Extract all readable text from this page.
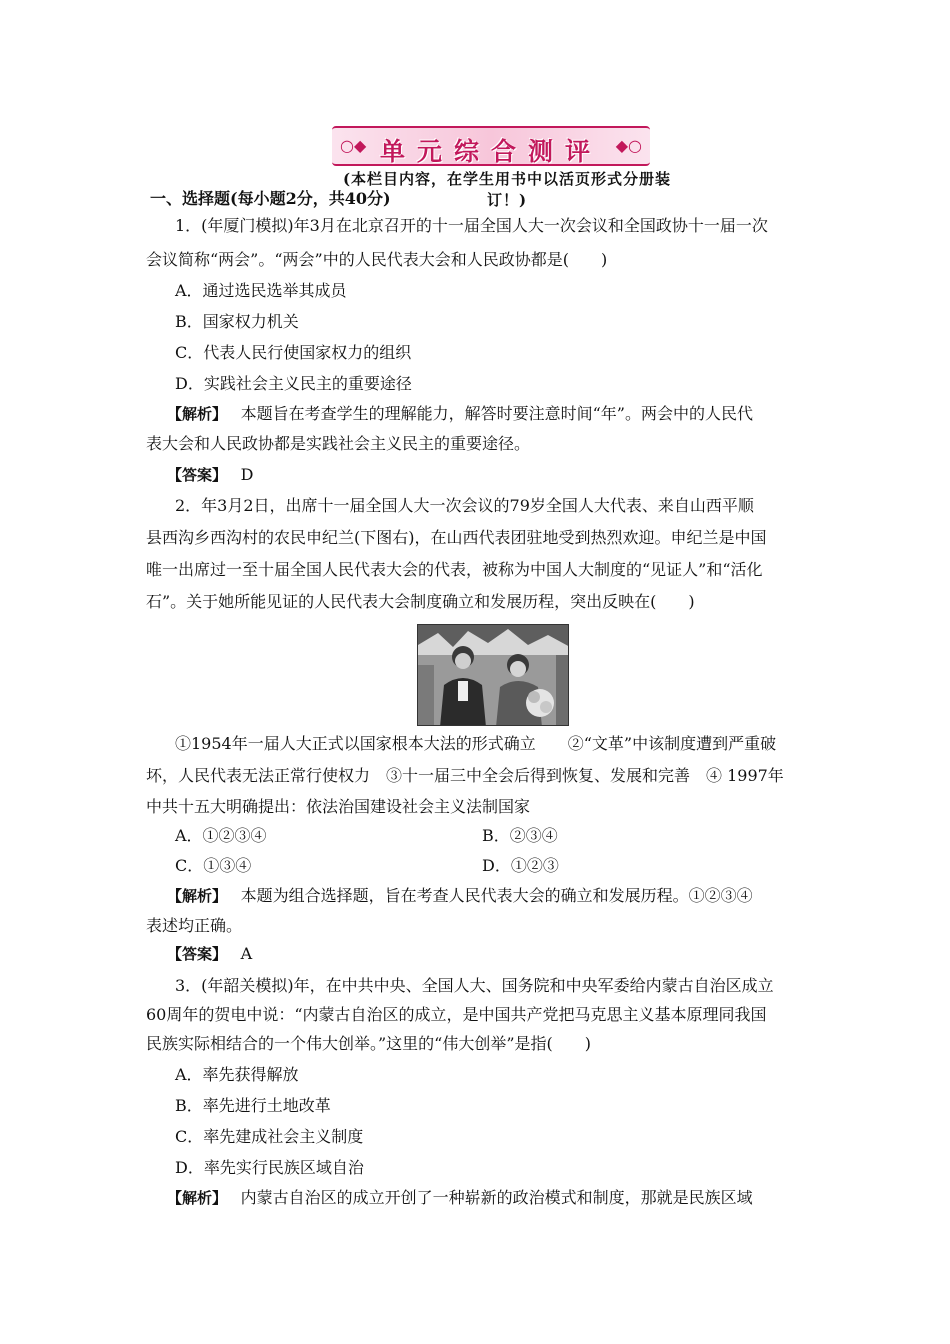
○◆ 单元综合测评 ◆○
(本栏目内容，在学生用书中以活页形式分册装订！)
一、选择题(每小题2分，共40分)
1．(年厦门模拟)年3月在北京召开的十一届全国人大一次会议和全国政协十一届一次
会议简称“两会”。“两会”中的人民代表大会和人民政协都是(　　)
A．通过选民选举其成员
B．国家权力机关
C．代表人民行使国家权力的组织
D．实践社会主义民主的重要途径
【解析】　 本题旨在考查学生的理解能力，解答时要注意时间“年”。两会中的人民代
表大会和人民政协都是实践社会主义民主的重要途径。
【答案】　 D
2．年3月2日，出席十一届全国人大一次会议的79岁全国人大代表、来自山西平顺
县西沟乡西沟村的农民申纪兰(下图右)，在山西代表团驻地受到热烈欢迎。申纪兰是中国
唯一出席过一至十届全国人民代表大会的代表，被称为中国人大制度的“见证人”和“活化
石”。关于她所能见证的人民代表大会制度确立和发展历程，突出反映在(　　)
①1954年一届人大正式以国家根本大法的形式确立　　②“文革”中该制度遭到严重破
坏，人民代表无法正常行使权力　③十一届三中全会后得到恢复、发展和完善　④ 1997年
中共十五大明确提出：依法治国建设社会主义法制国家
A．①②③④	B．②③④
C．①③④	D．①②③
【解析】　 本题为组合选择题，旨在考查人民代表大会的确立和发展历程。①②③④
表述均正确。
【答案】　 A
3．(年韶关模拟)年，在中共中央、全国人大、国务院和中央军委给内蒙古自治区成立
60周年的贺电中说：“内蒙古自治区的成立，是中国共产党把马克思主义基本原理同我国
民族实际相结合的一个伟大创举。”这里的“伟大创举”是指(　　)
A．率先获得解放
B．率先进行土地改革
C．率先建成社会主义制度
D．率先实行民族区域自治
【解析】　 内蒙古自治区的成立开创了一种崭新的政治模式和制度，那就是民族区域
